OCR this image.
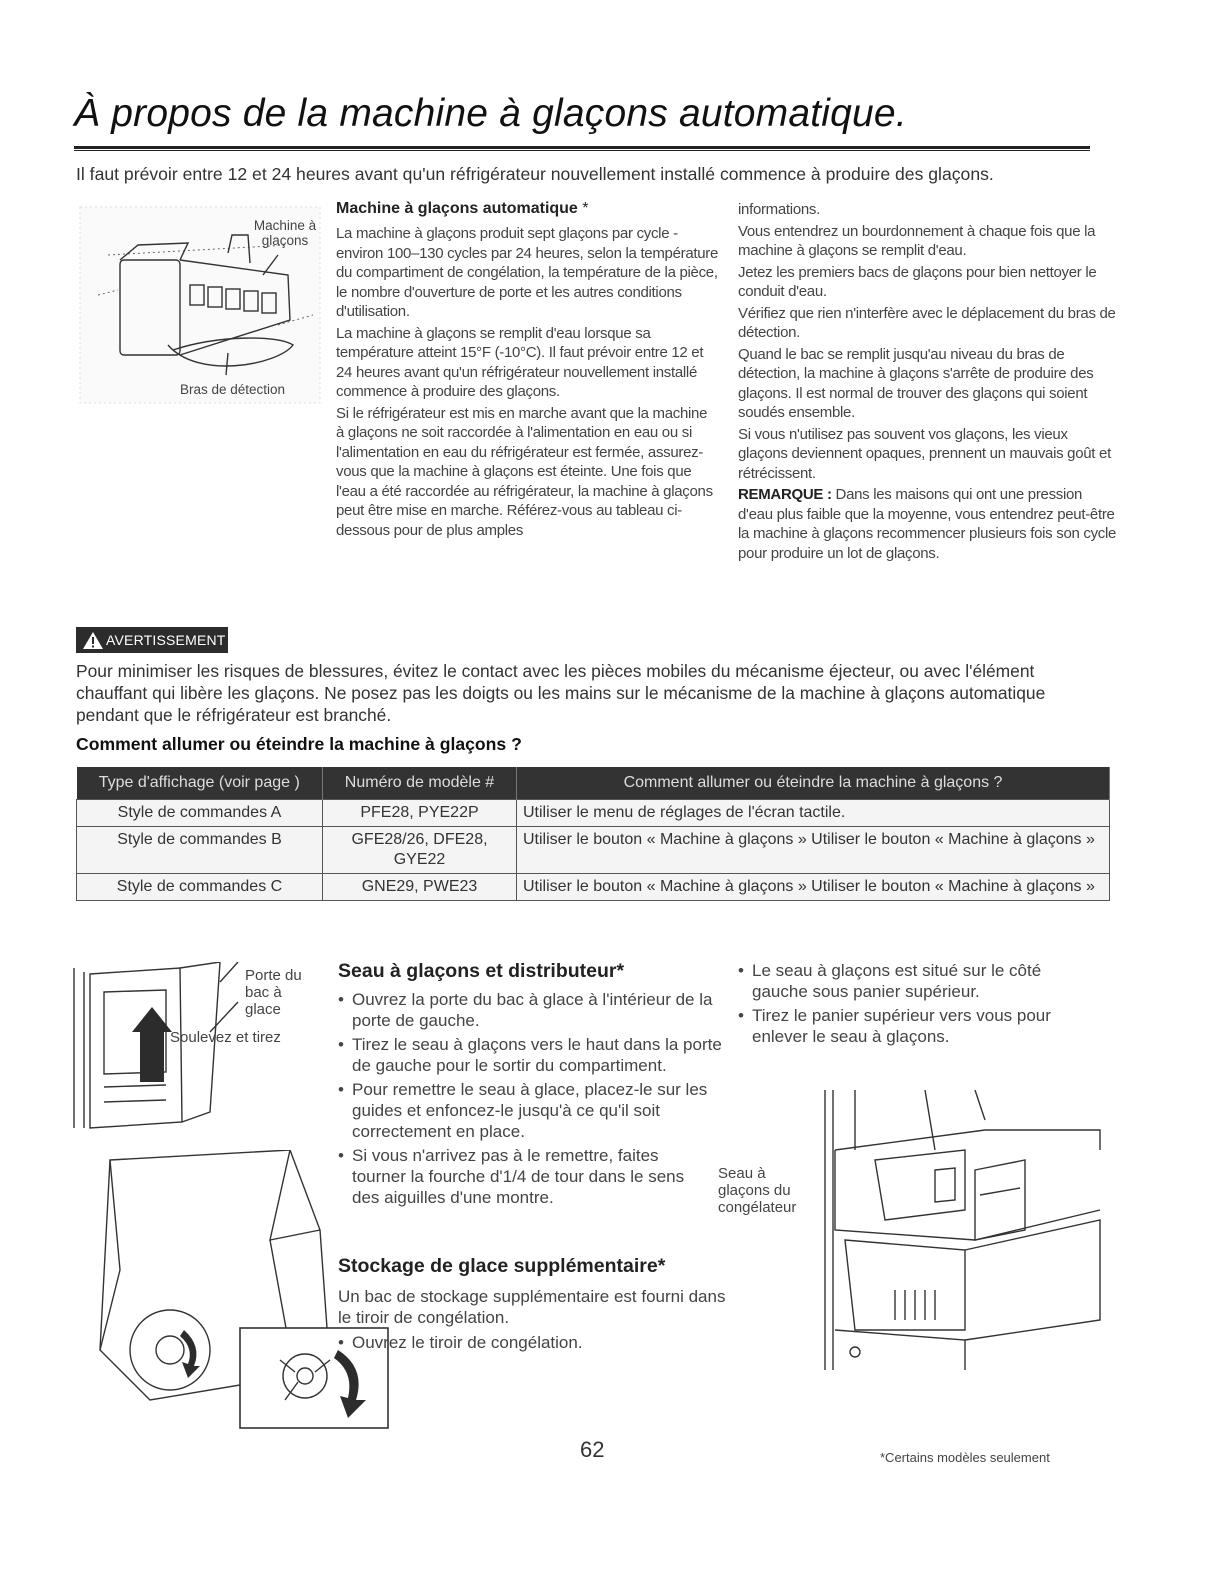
À propos de la machine à glaçons automatique.
Il faut prévoir entre 12 et 24 heures avant qu'un réfrigérateur nouvellement installé commence à produire des glaçons.
Machine à glaçons
Bras de détection
Machine à glaçons automatique *

La machine à glaçons produit sept glaçons par cycle - environ 100–130 cycles par 24 heures, selon la température du compartiment de congélation, la température de la pièce, le nombre d'ouverture de porte et les autres conditions d'utilisation.

La machine à glaçons se remplit d'eau lorsque sa température atteint 15°F (-10°C). Il faut prévoir entre 12 et 24 heures avant qu'un réfrigérateur nouvellement installé commence à produire des glaçons.

Si le réfrigérateur est mis en marche avant que la machine à glaçons ne soit raccordée à l'alimentation en eau ou si l'alimentation en eau du réfrigérateur est fermée, assurez-vous que la machine à glaçons est éteinte. Une fois que l'eau a été raccordée au réfrigérateur, la machine à glaçons peut être mise en marche. Référez-vous au tableau ci-dessous pour de plus amples

informations.

Vous entendrez un bourdonnement à chaque fois que la machine à glaçons se remplit d'eau.

Jetez les premiers bacs de glaçons pour bien nettoyer le conduit d'eau.

Vérifiez que rien n'interfère avec le déplacement du bras de détection.

Quand le bac se remplit jusqu'au niveau du bras de détection, la machine à glaçons s'arrête de produire des glaçons. Il est normal de trouver des glaçons qui soient soudés ensemble.

Si vous n'utilisez pas souvent vos glaçons, les vieux glaçons deviennent opaques, prennent un mauvais goût et rétrécissent.

REMARQUE : Dans les maisons qui ont une pression d'eau plus faible que la moyenne, vous entendrez peut-être la machine à glaçons recommencer plusieurs fois son cycle pour produire un lot de glaçons.

AVERTISSEMENT
Pour minimiser les risques de blessures, évitez le contact avec les pièces mobiles du mécanisme éjecteur, ou avec l'élément chauffant qui libère les glaçons. Ne posez pas les doigts ou les mains sur le mécanisme de la machine à glaçons automatique pendant que le réfrigérateur est branché.
Comment allumer ou éteindre la machine à glaçons ?
Type d'affichage (voir page )	Numéro de modèle #	Comment allumer ou éteindre la machine à glaçons ?
Style de commandes A	PFE28, PYE22P	Utiliser le menu de réglages de l'écran tactile.
Style de commandes B	GFE28/26, DFE28, GYE22	Utiliser le bouton « Machine à glaçons » Utiliser le bouton « Machine à glaçons »
Style de commandes C	GNE29, PWE23	Utiliser le bouton « Machine à glaçons » Utiliser le bouton « Machine à glaçons »
Porte du bac à glace
Soulevez et tirez
Seau à glaçons et distributeur*
• Ouvrez la porte du bac à glace à l'intérieur de la porte de gauche.
• Tirez le seau à glaçons vers le haut dans la porte de gauche pour le sortir du compartiment.
• Pour remettre le seau à glace, placez-le sur les guides et enfoncez-le jusqu'à ce qu'il soit correctement en place.
• Si vous n'arrivez pas à le remettre, faites tourner la fourche d'1/4 de tour dans le sens des aiguilles d'une montre.
Stockage de glace supplémentaire*
Un bac de stockage supplémentaire est fourni dans le tiroir de congélation.
• Ouvrez le tiroir de congélation.
• Le seau à glaçons est situé sur le côté gauche sous panier supérieur.
• Tirez le panier supérieur vers vous pour enlever le seau à glaçons.
Seau à glaçons du congélateur
62	*Certains modèles seulement
